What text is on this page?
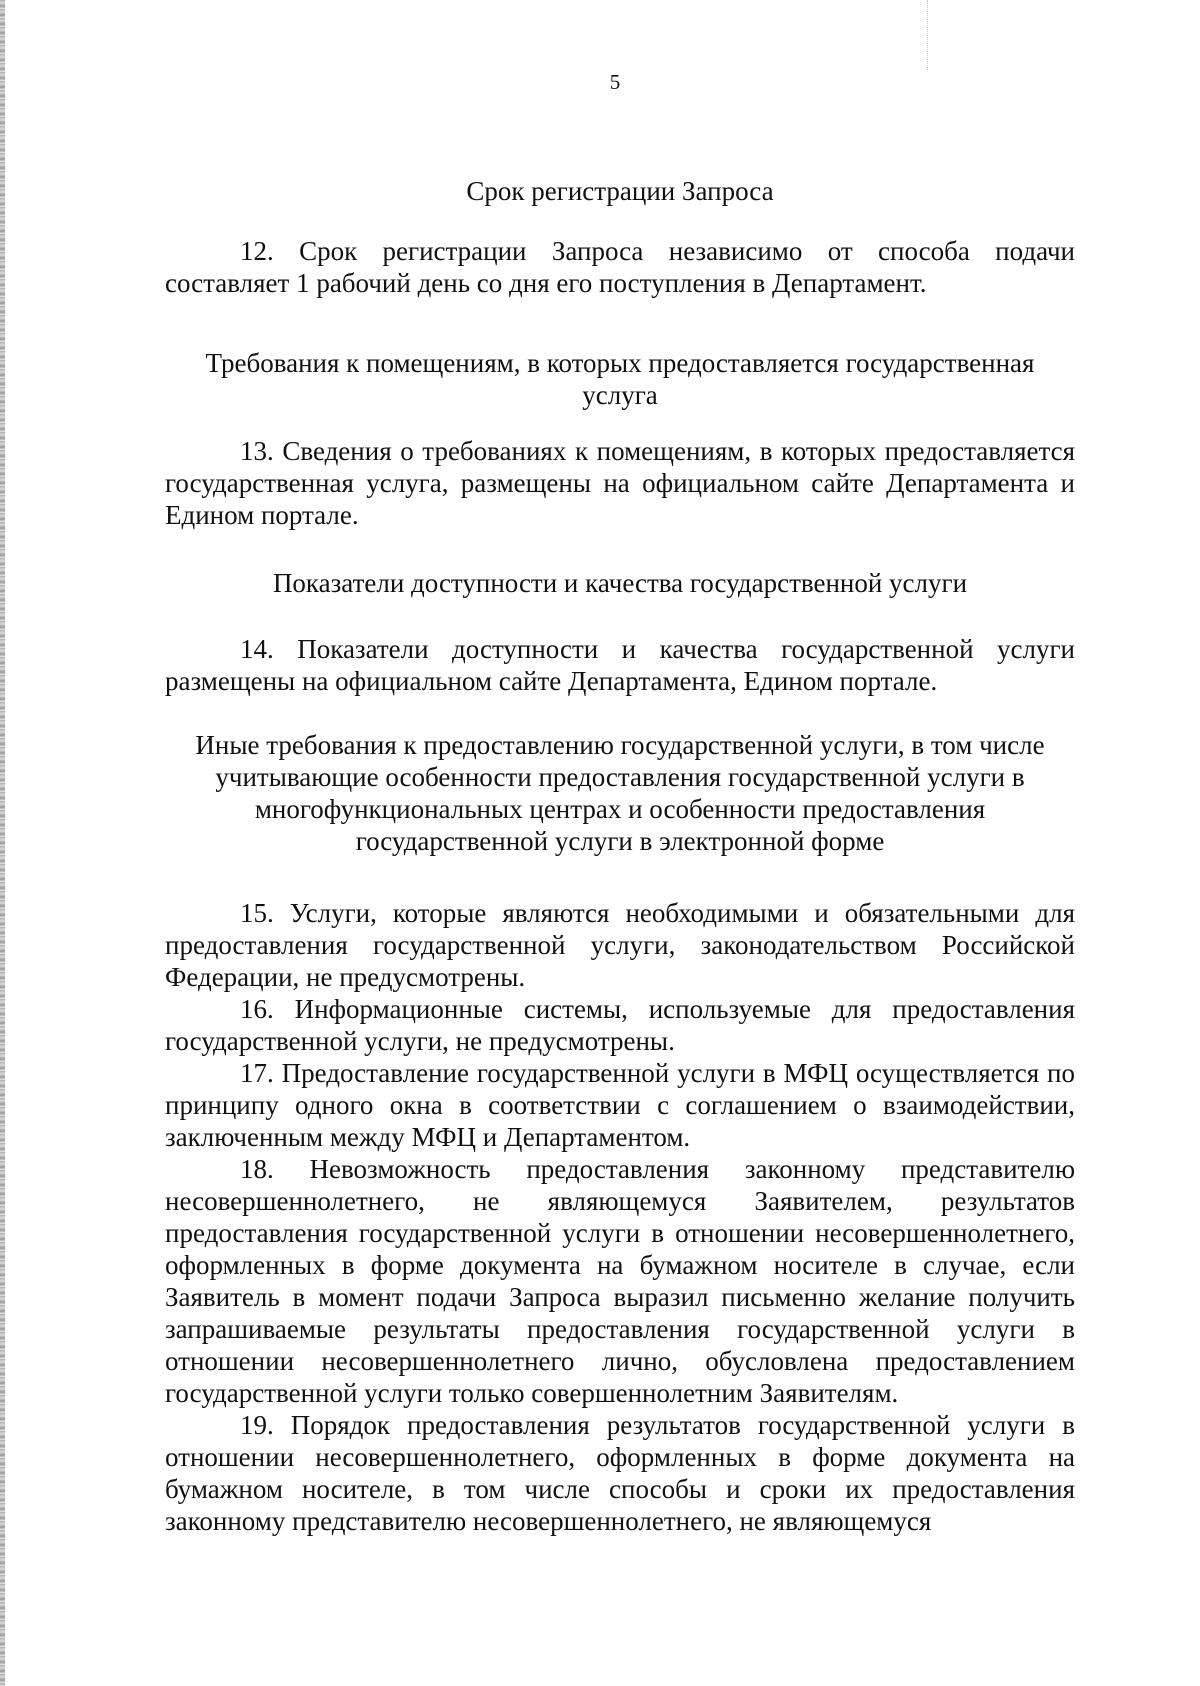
5
Срок регистрации Запроса

12. Срок регистрации Запроса независимо от способа подачи составляет 1 рабочий день со дня его поступления в Департамент.

Требования к помещениям, в которых предоставляется государственная услуга

13. Сведения о требованиях к помещениям, в которых предоставляется государственная услуга, размещены на официальном сайте Департамента и Едином портале.

Показатели доступности и качества государственной услуги

14. Показатели доступности и качества государственной услуги размещены на официальном сайте Департамента, Едином портале.

Иные требования к предоставлению государственной услуги, в том числе учитывающие особенности предоставления государственной услуги в многофункциональных центрах и особенности предоставления государственной услуги в электронной форме

15. Услуги, которые являются необходимыми и обязательными для предоставления государственной услуги, законодательством Российской Федерации, не предусмотрены.

16. Информационные системы, используемые для предоставления государственной услуги, не предусмотрены.

17. Предоставление государственной услуги в МФЦ осуществляется по принципу одного окна в соответствии с соглашением о взаимодействии, заключенным между МФЦ и Департаментом.

18. Невозможность предоставления законному представителю несовершеннолетнего, не являющемуся Заявителем, результатов предоставления государственной услуги в отношении несовершеннолетнего, оформленных в форме документа на бумажном носителе в случае, если Заявитель в момент подачи Запроса выразил письменно желание получить запрашиваемые результаты предоставления государственной услуги в отношении несовершеннолетнего лично, обусловлена предоставлением государственной услуги только совершеннолетним Заявителям.

19. Порядок предоставления результатов государственной услуги в отношении несовершеннолетнего, оформленных в форме документа на бумажном носителе, в том числе способы и сроки их предоставления законному представителю несовершеннолетнего, не являющемуся
